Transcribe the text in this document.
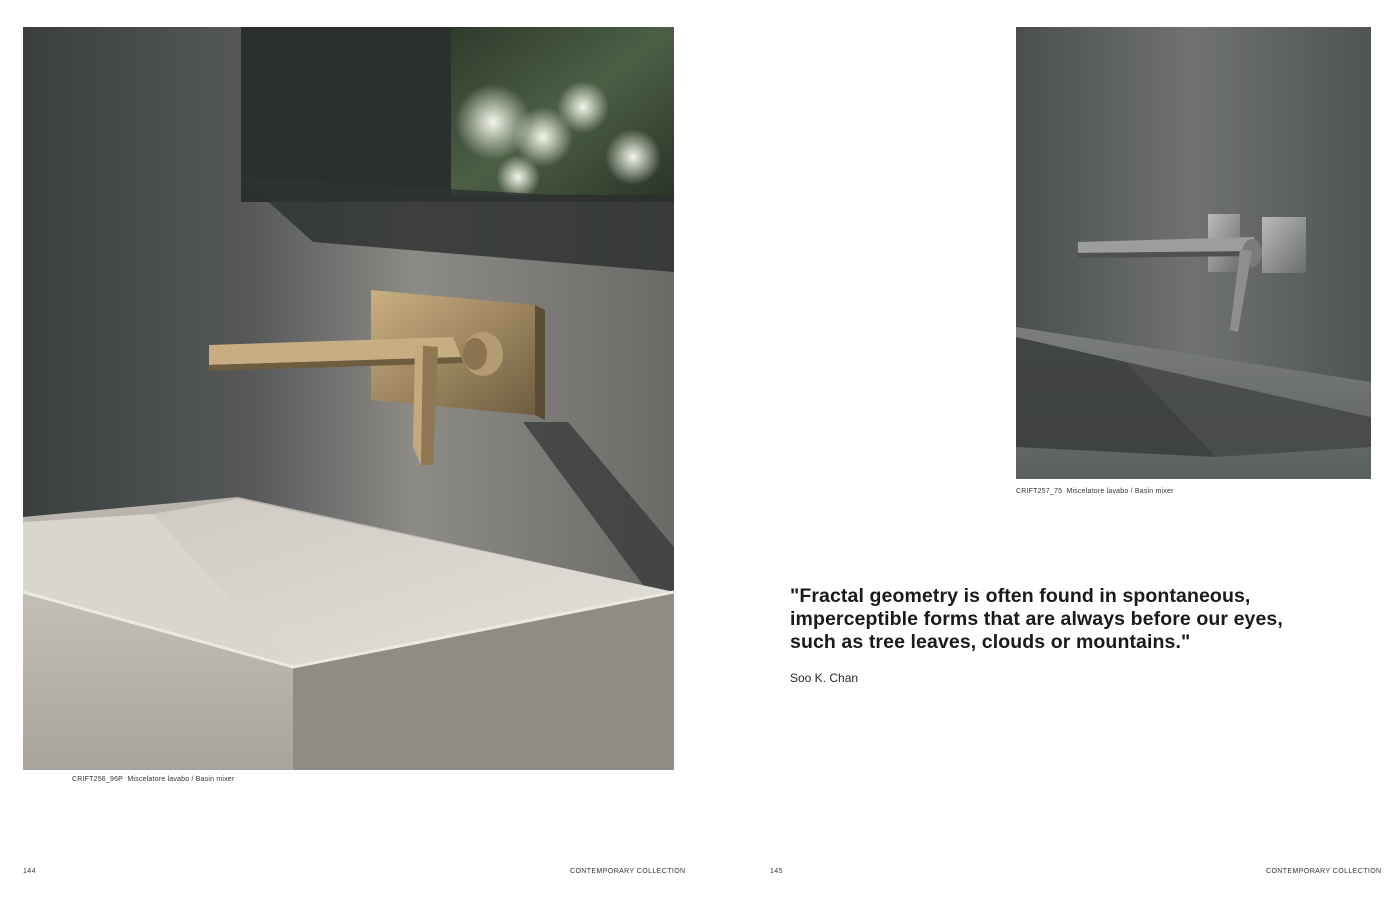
CRIFT256_96P Miscelatore lavabo / Basin mixer
CRIFT257_75 Miscelatore lavabo / Basin mixer
"Fractal geometry is often found in spontaneous,
imperceptible forms that are always before our eyes,
such as tree leaves, clouds or mountains."
Soo K. Chan
144	CONTEMPORARY COLLECTION	145	CONTEMPORARY COLLECTION
